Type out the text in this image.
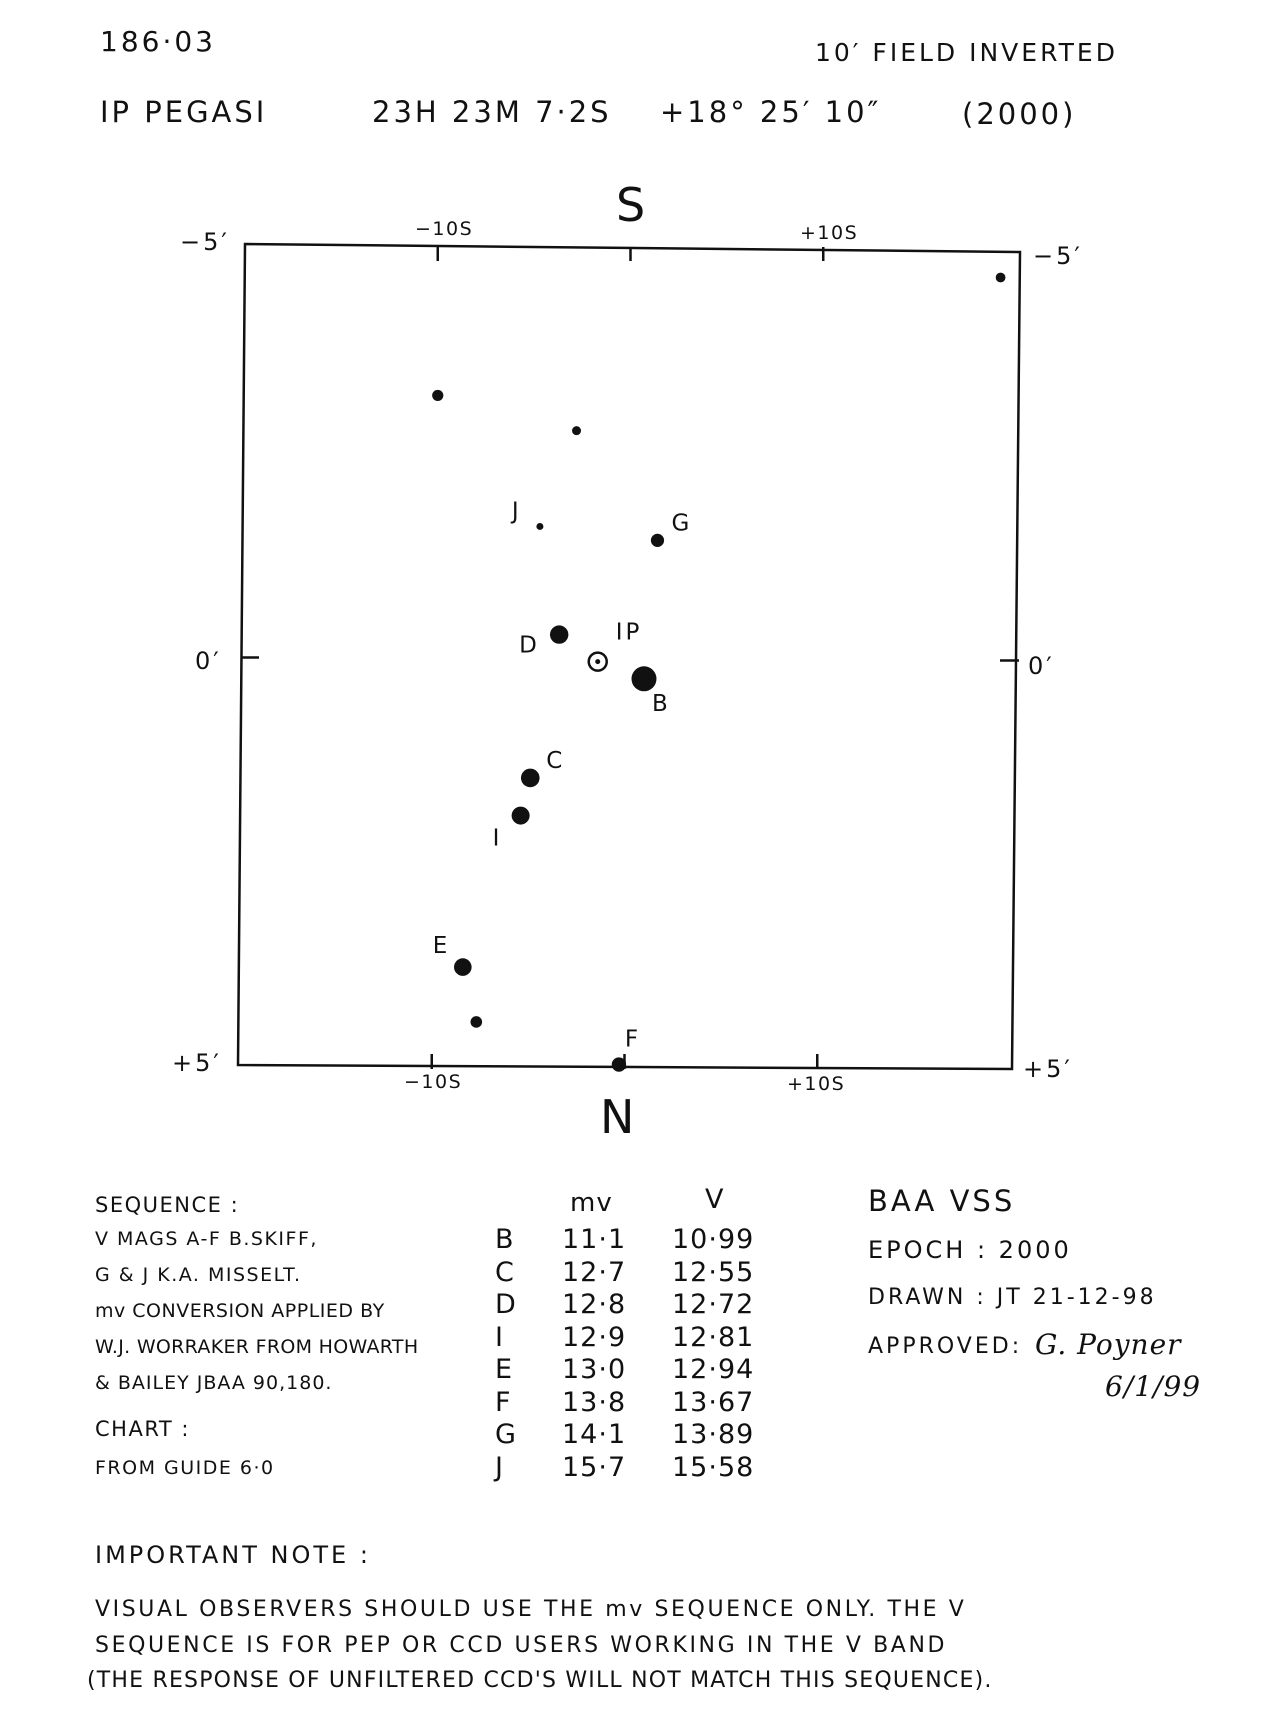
186·03	10′ FIELD INVERTED
IP PEGASI	23H 23M 7·2S +18° 25′ 10″	(2000)
J	G
D	IP
B
C
I
E
F
S
N
−10S	+10S
−10S	+10S
−5′	−5′
0′	0′
+5′	+5′
SEQUENCE :
V MAGS A-F B.SKIFF,
G & J K.A. MISSELT.
mv CONVERSION APPLIED BY
W.J. WORRAKER FROM HOWARTH
& BAILEY JBAA 90,180.
CHART :
FROM GUIDE 6·0
mv	V
B 11·1 10·99
C 12·7 12·55
D 12·8 12·72
I 12·9 12·81
E 13·0 12·94
F 13·8 13·67
G 14·1 13·89
J 15·7 15·58
BAA VSS
EPOCH : 2000
DRAWN : JT 21-12-98
APPROVED: G. Poyner
6/1/99
IMPORTANT NOTE :
VISUAL OBSERVERS SHOULD USE THE mv SEQUENCE ONLY. THE V
SEQUENCE IS FOR PEP OR CCD USERS WORKING IN THE V BAND
(THE RESPONSE OF UNFILTERED CCD'S WILL NOT MATCH THIS SEQUENCE).
